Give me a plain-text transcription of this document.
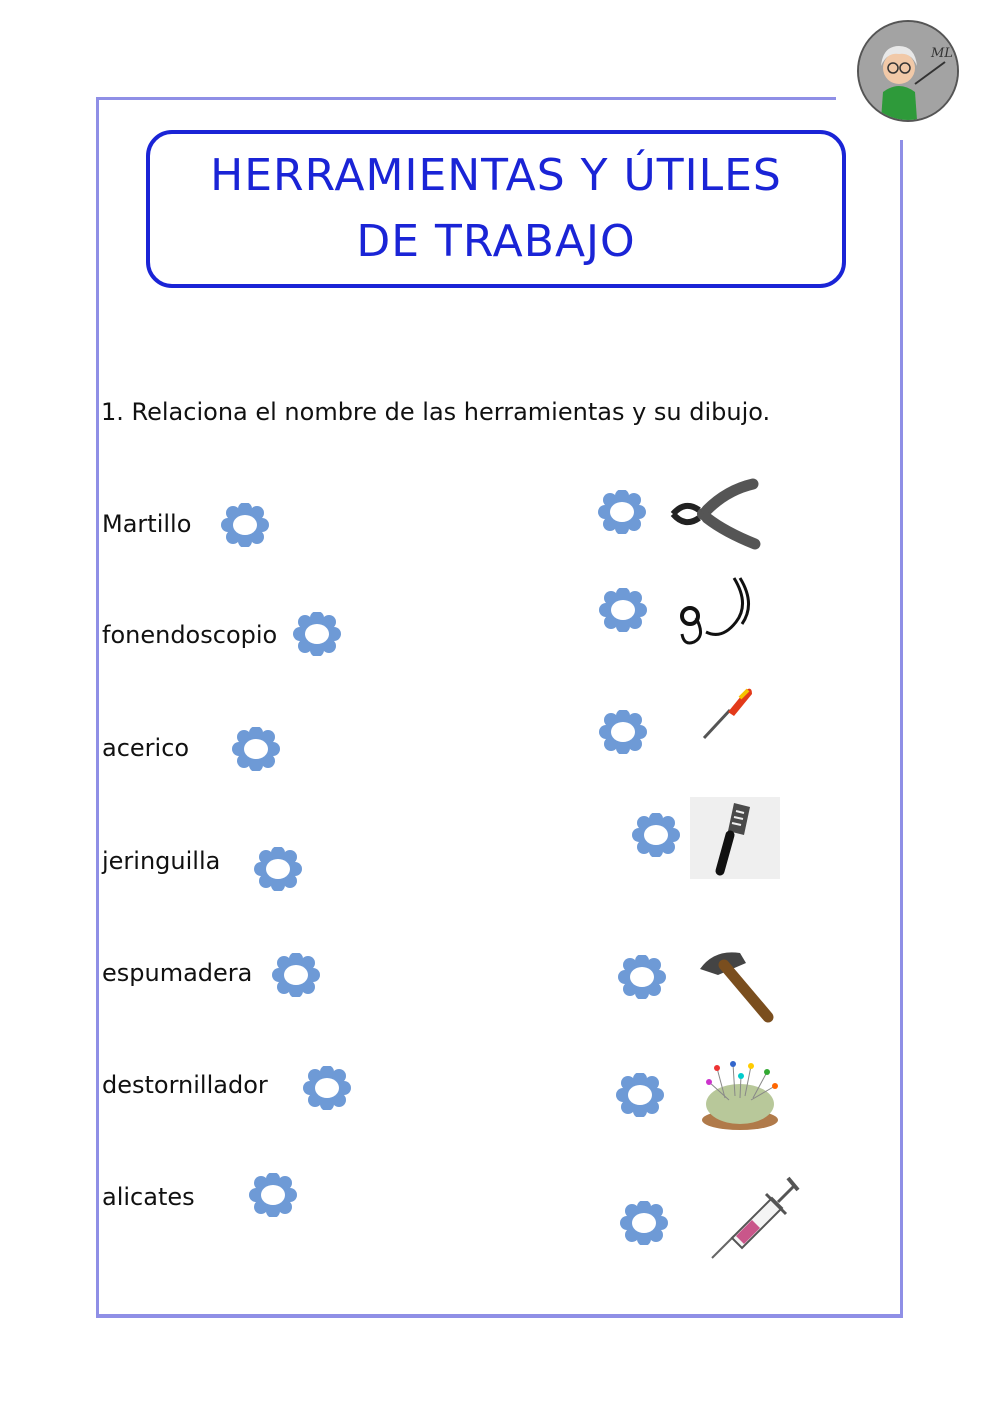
ML
HERRAMIENTAS Y ÚTILES
DE TRABAJO
1. Relaciona el nombre de las herramientas y su dibujo.
Martillo
fonendoscopio
acerico
jeringuilla
espumadera
destornillador
alicates
